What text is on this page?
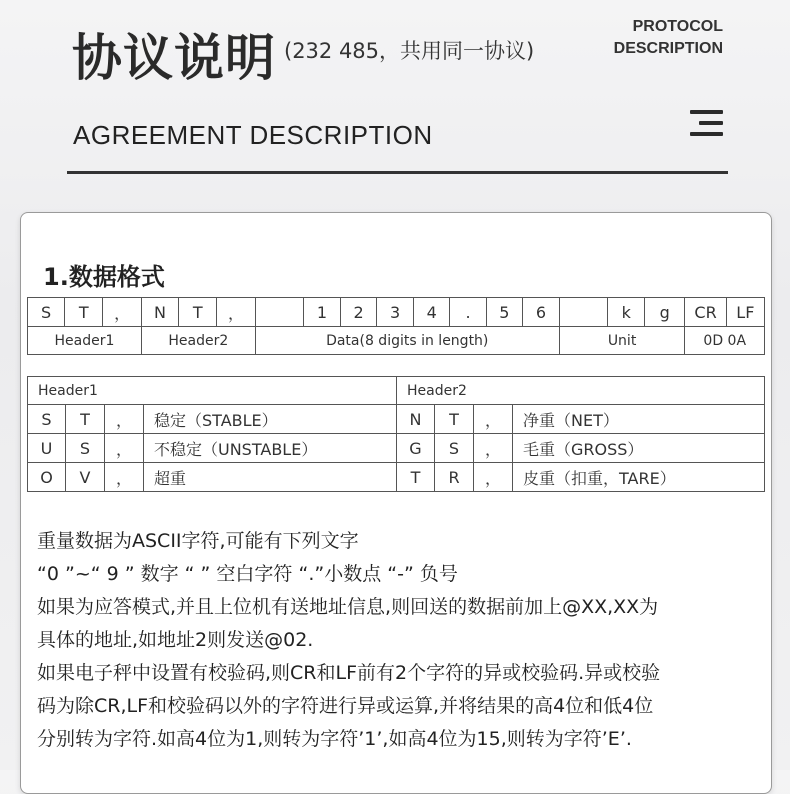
协议说明 (232 485，共用同一协议)
PROTOCOL
DESCRIPTION
AGREEMENT DESCRIPTION
1.数据格式
S	T	，	N	T	，		1	2	3	4	.	5	6		k	g	CR	LF
Header1			Header2			Data(8 digits in length)								Unit			0D 0A	
Header1				Header2			
S	T	，	稳定（STABLE）	N	T	，	净重（NET）
U	S	，	不稳定（UNSTABLE）	G	S	，	毛重（GROSS）
O	V	，	超重	T	R	，	皮重（扣重，TARE）
重量数据为ASCII字符,可能有下列文字
“0 ”~“ 9 ” 数字 “ ” 空白字符 “.”小数点 “-” 负号
如果为应答模式,并且上位机有送地址信息,则回送的数据前加上@XX,XX为
具体的地址,如地址2则发送@02.
如果电子秤中设置有校验码,则CR和LF前有2个字符的异或校验码.异或校验
码为除CR,LF和校验码以外的字符进行异或运算,并将结果的高4位和低4位
分别转为字符.如高4位为1,则转为字符’1’,如高4位为15,则转为字符’E’.
